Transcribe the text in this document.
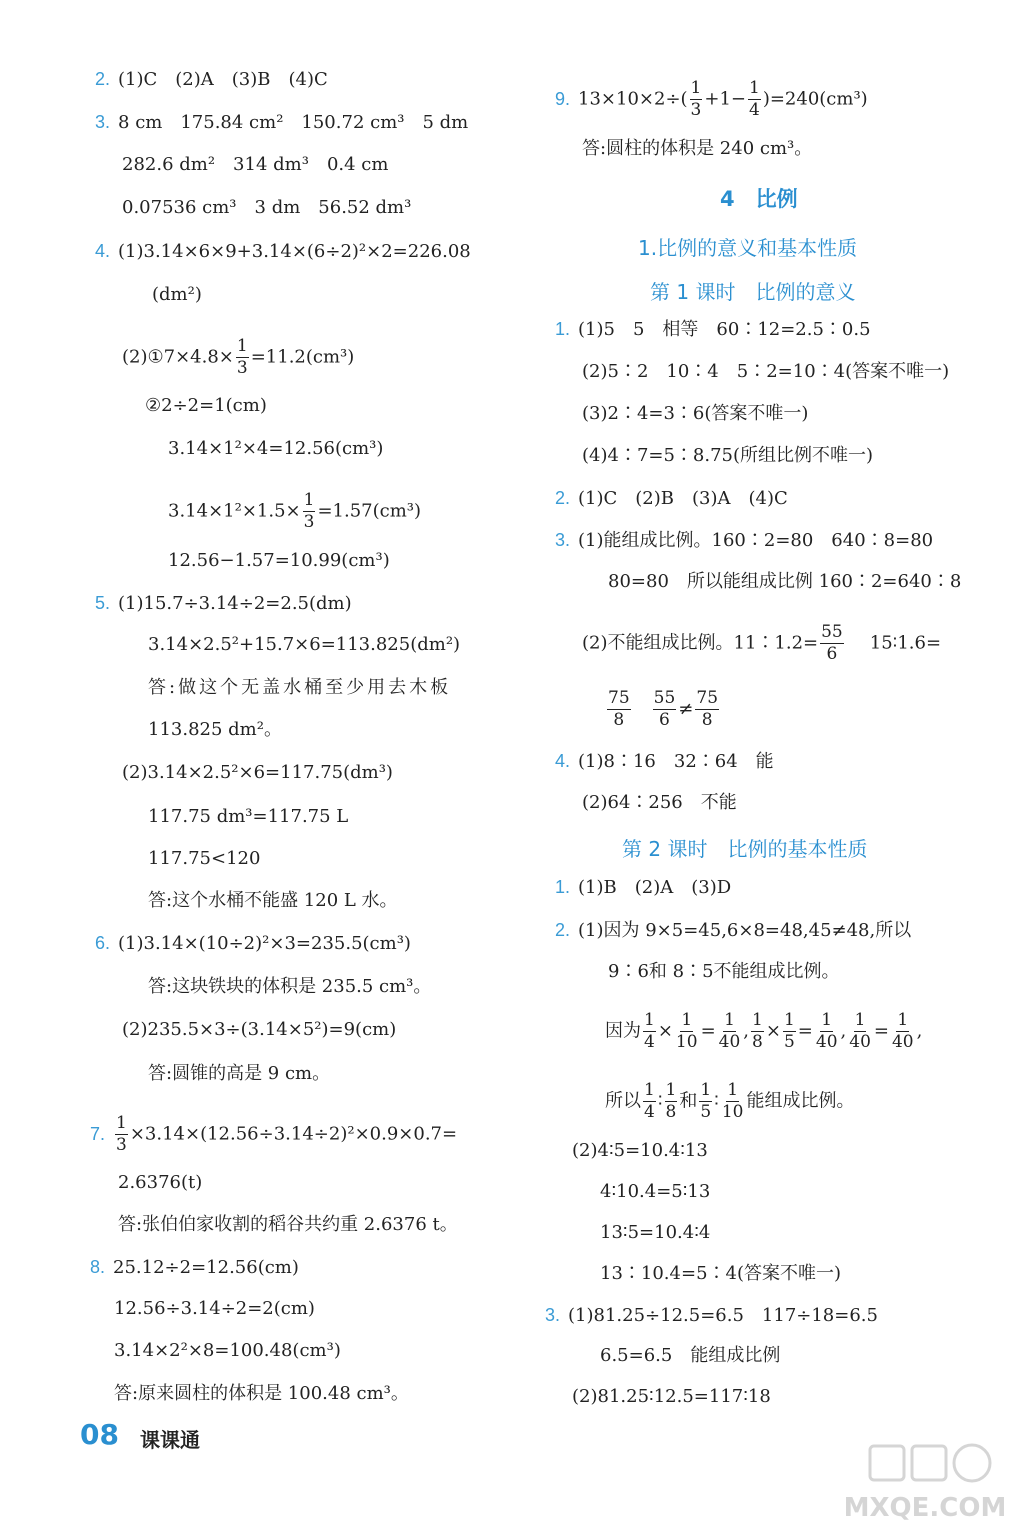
2. (1)C　(2)A　(3)B　(4)C
3. 8 cm　175.84 cm²　150.72 cm³　5 dm
282.6 dm²　314 dm³　0.4 cm
0.07536 cm³　3 dm　56.52 dm³
4. (1)3.14×6×9+3.14×(6÷2)²×2=226.08
(dm²)
(2)①7×4.8× $\frac{1}{3} =11.2(cm^3)$
②2÷2=1(cm)
3.14×1²×4=12.56(cm³)
$3.14\times 1^2\times 1.5\times \frac{1}{3} =1.57(cm^3)$
12.56−1.57=10.99(cm³)
5. (1)15.7÷3.14÷2=2.5(dm)
3.14×2.5²+15.7×6=113.825(dm²)
答:做这个无盖水桶至少用去木板
113.825 dm²。
(2)3.14×2.5²×6=117.75(dm³)
117.75 dm³=117.75 L
117.75<120
答:这个水桶不能盛 120 L 水。
6. (1)3.14×(10÷2)²×3=235.5(cm³)
答:这块铁块的体积是 235.5 cm³。
(2)235.5×3÷(3.14×5²)=9(cm)
答:圆锥的高是 9 cm。
7. $\frac{1}{3} \times 3.14\times(12.56\div 3.14\div 2)^2\times 0.9\times 0.7=$
2.6376(t)
答:张伯伯家收割的稻谷共约重 2.6376 t。
8. 25.12÷2=12.56(cm)
12.56÷3.14÷2=2(cm)
3.14×2²×8=100.48(cm³)
答:原来圆柱的体积是 100.48 cm³。
9. $13\times 10\times 2\div( \frac{1}{3} +1- \frac{1}{4} )=240(cm^3)$
答:圆柱的体积是 240 cm³。
4　比例
1.比例的意义和基本性质
第 1 课时　比例的意义
1. (1)5　5　相等　60∶12=2.5∶0.5
(2)5∶2　10∶4　5∶2=10∶4(答案不唯一)
(3)2∶4=3∶6(答案不唯一)
(4)4∶7=5∶8.75(所组比例不唯一)
2. (1)C　(2)B　(3)A　(4)C
3. (1)能组成比例。160∶2=80　640∶8=80
80=80　所以能组成比例 160∶2=640∶8
(2)不能组成比例。11∶1.2= $\frac{55}{6}$ 15∶1.6=
$\frac{75}{8} \frac{55}{6} \ne \frac{75}{8}$
4. (1)8∶16　32∶64　能
(2)64∶256　不能
第 2 课时　比例的基本性质
1. (1)B　(2)A　(3)D
2. (1)因为 9×5=45,6×8=48,45≠48,所以
9∶6和 8∶5不能组成比例。
因为 $\frac{1}{4} \times \frac{1}{10} = \frac{1}{40}$ , $\frac{1}{8} \times \frac{1}{5} = \frac{1}{40}$ , $\frac{1}{40} = \frac{1}{40}$ ,
所以 $\frac{1}{4}$ ∶ $\frac{1}{8}$ 和 $\frac{1}{5}$ ∶ $\frac{1}{10}$ 能组成比例。
(2)4∶5=10.4∶13
4∶10.4=5∶13
13∶5=10.4∶4
13∶10.4=5∶4(答案不唯一)
3. (1)81.25÷12.5=6.5　117÷18=6.5
6.5=6.5　能组成比例
(2)81.25∶12.5=117∶18
08 课课通
MXQE.COM
